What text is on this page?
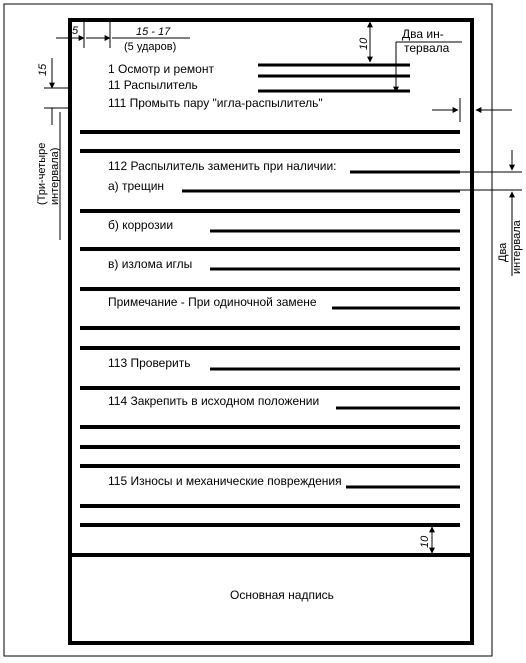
5	15 - 17
(5 ударов)
15
(Три-четыре интервала)
10
Два ин-
тервала
Два интервала
1 Осмотр и ремонт
11 Распылитель
111 Промыть пару "игла-распылитель"
112 Распылитель заменить при наличии:
а) трещин
б) коррозии
в) излома иглы
Примечание - При одиночной замене
113 Проверить
114 Закрепить в исходном положении
115 Износы и механические повреждения
10
Основная надпись
